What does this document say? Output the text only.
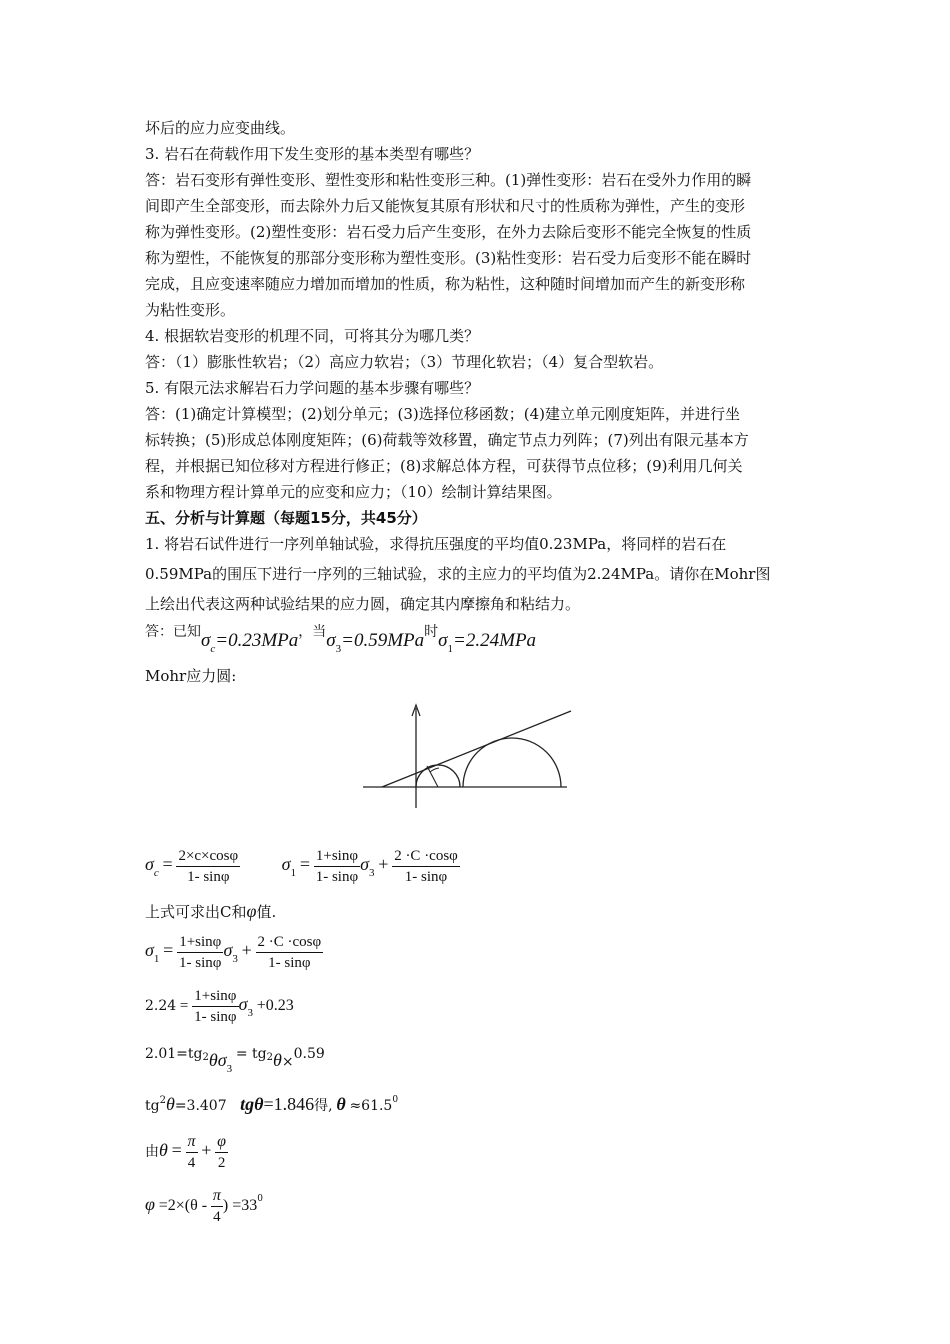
坏后的应力应变曲线。
3. 岩石在荷载作用下发生变形的基本类型有哪些？
答：岩石变形有弹性变形、塑性变形和粘性变形三种。(1)弹性变形：岩石在受外力作用的瞬
间即产生全部变形，而去除外力后又能恢复其原有形状和尺寸的性质称为弹性，产生的变形
称为弹性变形。(2)塑性变形：岩石受力后产生变形，在外力去除后变形不能完全恢复的性质
称为塑性，不能恢复的那部分变形称为塑性变形。(3)粘性变形：岩石受力后变形不能在瞬时
完成，且应变速率随应力增加而增加的性质，称为粘性，这种随时间增加而产生的新变形称
为粘性变形。
4. 根据软岩变形的机理不同，可将其分为哪几类？
答：（1）膨胀性软岩；（2）高应力软岩；（3）节理化软岩；（4）复合型软岩。
5. 有限元法求解岩石力学问题的基本步骤有哪些？
答：(1)确定计算模型；(2)划分单元；(3)选择位移函数；(4)建立单元刚度矩阵，并进行坐
标转换；(5)形成总体刚度矩阵；(6)荷载等效移置，确定节点力列阵；(7)列出有限元基本方
程，并根据已知位移对方程进行修正；(8)求解总体方程，可获得节点位移；(9)利用几何关
系和物理方程计算单元的应变和应力；（10）绘制计算结果图。
五、分析与计算题（每题15分，共45分）
1. 将岩石试件进行一序列单轴试验，求得抗压强度的平均值0.23MPa，将同样的岩石在
0.59MPa的围压下进行一序列的三轴试验，求的主应力的平均值为2.24MPa。请你在Mohr图
上绘出代表这两种试验结果的应力圆，确定其内摩擦角和粘结力。
答：已知$\sigma_c=0.23MPa$，当$\sigma_3=0.59MPa$时$\sigma_1=2.24MPa$
Mohr应力圆:
$\sigma_c = \frac{2\times c\times\cos\varphi}{1- \sin\varphi} \sigma_1 = \frac{1+\sin\varphi}{1- \sin\varphi} \sigma_3 + \frac{2 \cdot C \cdot\cos\varphi}{1- \sin\varphi}$
上式可求出C和φ值.
$\sigma_1 = \frac{1+\sin\varphi}{1- \sin\varphi} \sigma_3 + \frac{2 \cdot C \cdot\cos\varphi}{1- \sin\varphi}$
$2.24 = \frac{1+\sin\varphi}{1- \sin\varphi} \sigma_3 +0.23$
$2.01=tg2\theta\sigma_3 = tg2\theta\times 0.59$
$tg^2\theta=3.407$ tgθ=1.846得, $\theta \approx 61.5^0$
由$\theta = \frac{\pi}{4} + \frac{\varphi}{2}$
$\varphi =2\times(\theta - \frac{\pi}{4}$ ) $=33^0$
